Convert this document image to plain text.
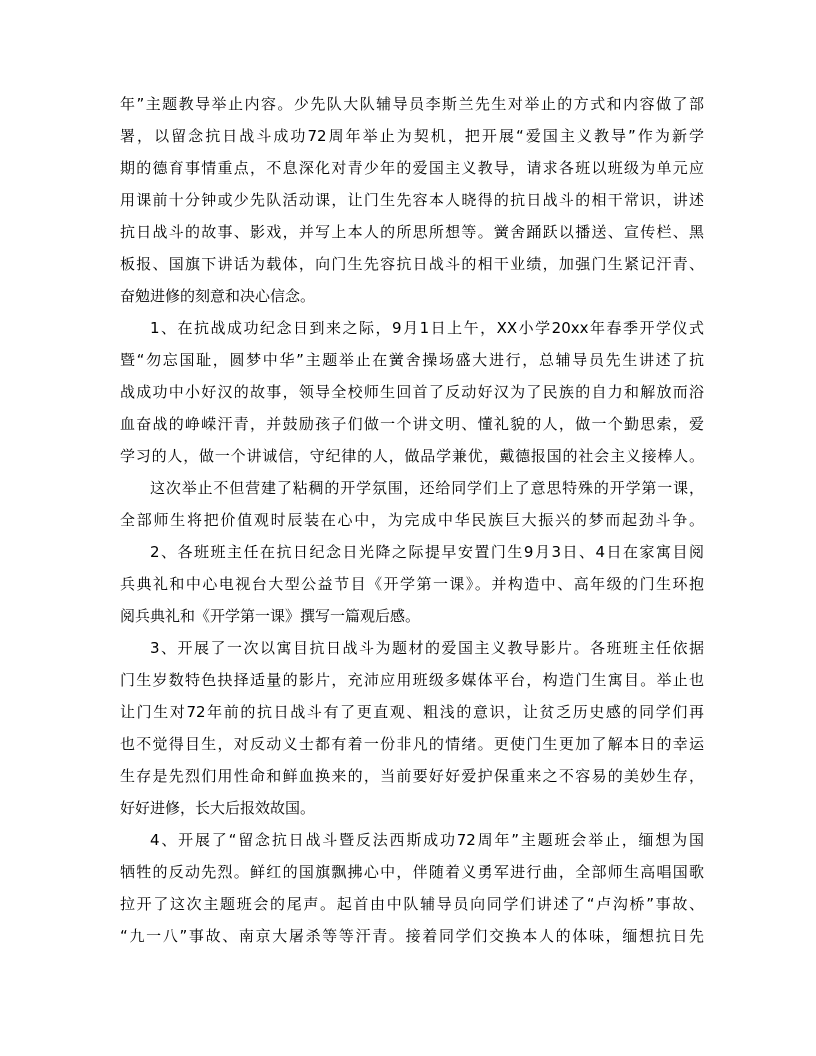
年”主题教导举止内容。少先队大队辅导员李斯兰先生对举止的方式和内容做了部
署，以留念抗日战斗成功72周年举止为契机，把开展“爱国主义教导”作为新学
期的德育事情重点，不息深化对青少年的爱国主义教导，请求各班以班级为单元应
用课前十分钟或少先队活动课，让门生先容本人晓得的抗日战斗的相干常识，讲述
抗日战斗的故事、影戏，并写上本人的所思所想等。黉舍踊跃以播送、宣传栏、黑
板报、国旗下讲话为载体，向门生先容抗日战斗的相干业绩，加强门生紧记汗青、
奋勉进修的刻意和决心信念。
1、在抗战成功纪念日到来之际，9月1日上午，XX小学20xx年春季开学仪式
暨“勿忘国耻，圆梦中华”主题举止在黉舍操场盛大进行，总辅导员先生讲述了抗
战成功中小好汉的故事，领导全校师生回首了反动好汉为了民族的自力和解放而浴
血奋战的峥嵘汗青，并鼓励孩子们做一个讲文明、懂礼貌的人，做一个勤思索，爱
学习的人，做一个讲诚信，守纪律的人，做品学兼优，戴德报国的社会主义接棒人。
这次举止不但营建了粘稠的开学氛围，还给同学们上了意思特殊的开学第一课，
全部师生将把价值观时辰装在心中，为完成中华民族巨大振兴的梦而起劲斗争。
2、各班班主任在抗日纪念日光降之际提早安置门生9月3日、4日在家寓目阅
兵典礼和中心电视台大型公益节目《开学第一课》。并构造中、高年级的门生环抱
阅兵典礼和《开学第一课》撰写一篇观后感。
3、开展了一次以寓目抗日战斗为题材的爱国主义教导影片。各班班主任依据
门生岁数特色抉择适量的影片，充沛应用班级多媒体平台，构造门生寓目。举止也
让门生对72年前的抗日战斗有了更直观、粗浅的意识，让贫乏历史感的同学们再
也不觉得目生，对反动义士都有着一份非凡的情绪。更使门生更加了解本日的幸运
生存是先烈们用性命和鲜血换来的，当前要好好爱护保重来之不容易的美妙生存，
好好进修，长大后报效故国。
4、开展了“留念抗日战斗暨反法西斯成功72周年”主题班会举止，缅想为国
牺牲的反动先烈。鲜红的国旗飘拂心中，伴随着义勇军进行曲，全部师生高唱国歌
拉开了这次主题班会的尾声。起首由中队辅导员向同学们讲述了“卢沟桥”事故、
“九一八”事故、南京大屠杀等等汗青。接着同学们交换本人的体味，缅想抗日先
